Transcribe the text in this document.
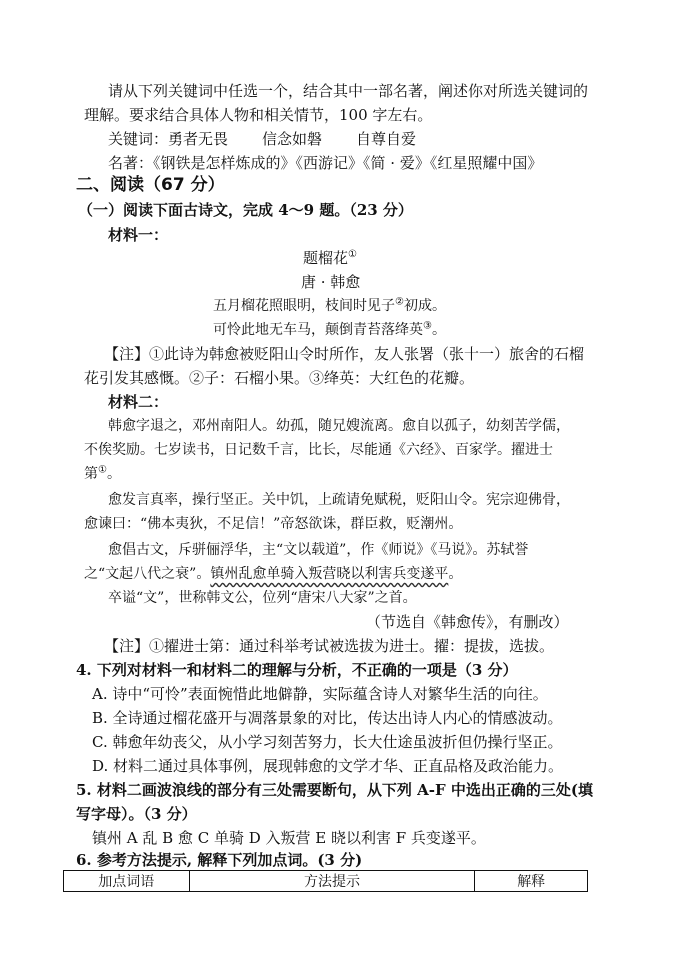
请从下列关键词中任选一个，结合其中一部名著，阐述你对所选关键词的
理解。要求结合具体人物和相关情节，100 字左右。
关键词：勇者无畏 信念如磐 自尊自爱
名著：《钢铁是怎样炼成的》《西游记》《简 · 爱》《红星照耀中国》
二、阅读（67 分）
（一）阅读下面古诗文，完成 4～9 题。（23 分）
材料一：
题榴花①
唐 · 韩愈
五月榴花照眼明，枝间时见子②初成。
可怜此地无车马，颠倒青苔落绛英③。
【注】①此诗为韩愈被贬阳山令时所作，友人张署（张十一）旅舍的石榴
花引发其感慨。②子：石榴小果。③绛英：大红色的花瓣。
材料二：
韩愈字退之，邓州南阳人。幼孤，随兄嫂流离。愈自以孤子，幼刻苦学儒，
不俟奖励。七岁读书，日记数千言，比长，尽能通《六经》、百家学。擢进士
第①。
愈发言真率，操行坚正。关中饥，上疏请免赋税，贬阳山令。宪宗迎佛骨，
愈谏曰：“佛本夷狄，不足信！”帝怒欲诛，群臣救，贬潮州。
愈倡古文，斥骈俪浮华，主“文以载道”，作《师说》《马说》。苏轼誉
之“文起八代之衰”。镇州乱愈单骑入叛营晓以利害兵变遂平。
卒谥“文”，世称韩文公，位列“唐宋八大家”之首。
（节选自《韩愈传》，有删改）
【注】①擢进士第：通过科举考试被选拔为进士。擢：提拔，选拔。
4. 下列对材料一和材料二的理解与分析，不正确的一项是（3 分）
A. 诗中“可怜”表面惋惜此地僻静，实际蕴含诗人对繁华生活的向往。
B. 全诗通过榴花盛开与凋落景象的对比，传达出诗人内心的情感波动。
C. 韩愈年幼丧父，从小学习刻苦努力，长大仕途虽波折但仍操行坚正。
D. 材料二通过具体事例，展现韩愈的文学才华、正直品格及政治能力。
5. 材料二画波浪线的部分有三处需要断句，从下列 A-F 中选出正确的三处(填
写字母）。（3 分）
镇州 A 乱 B 愈 C 单骑 D 入叛营 E 晓以利害 F 兵变遂平。
6. 参考方法提示, 解释下列加点词。(3 分)
加点词语	方法提示	解释
